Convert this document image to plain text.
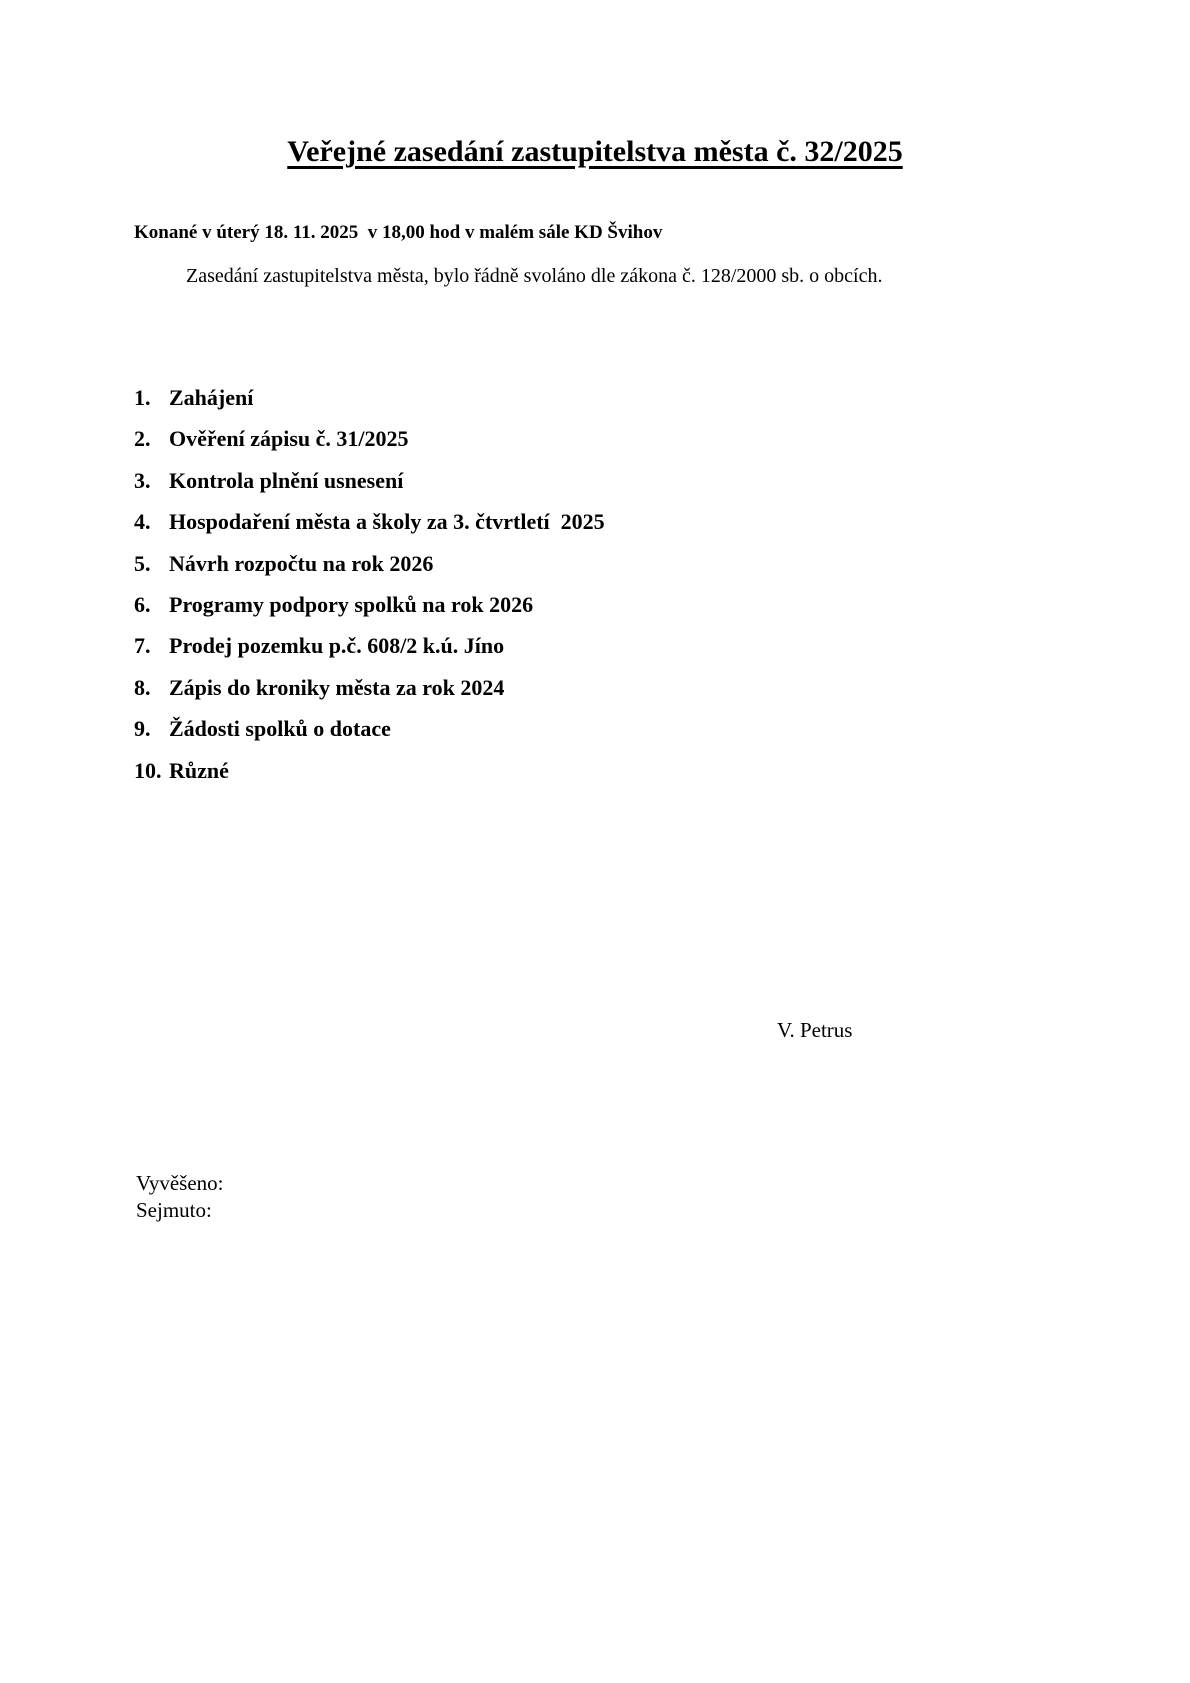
Veřejné zasedání zastupitelstva města č. 32/2025

Konané v úterý 18. 11. 2025  v 18,00 hod v malém sále KD Švihov

Zasedání zastupitelstva města, bylo řádně svoláno dle zákona č. 128/2000 sb. o obcích.

1. Zahájení
2. Ověření zápisu č. 31/2025
3. Kontrola plnění usnesení
4. Hospodaření města a školy za 3. čtvrtletí  2025
5. Návrh rozpočtu na rok 2026
6. Programy podpory spolků na rok 2026
7. Prodej pozemku p.č. 608/2 k.ú. Jíno
8. Zápis do kroniky města za rok 2024
9. Žádosti spolků o dotace
10. Různé

V. Petrus

Vyvěšeno:

Sejmuto:
